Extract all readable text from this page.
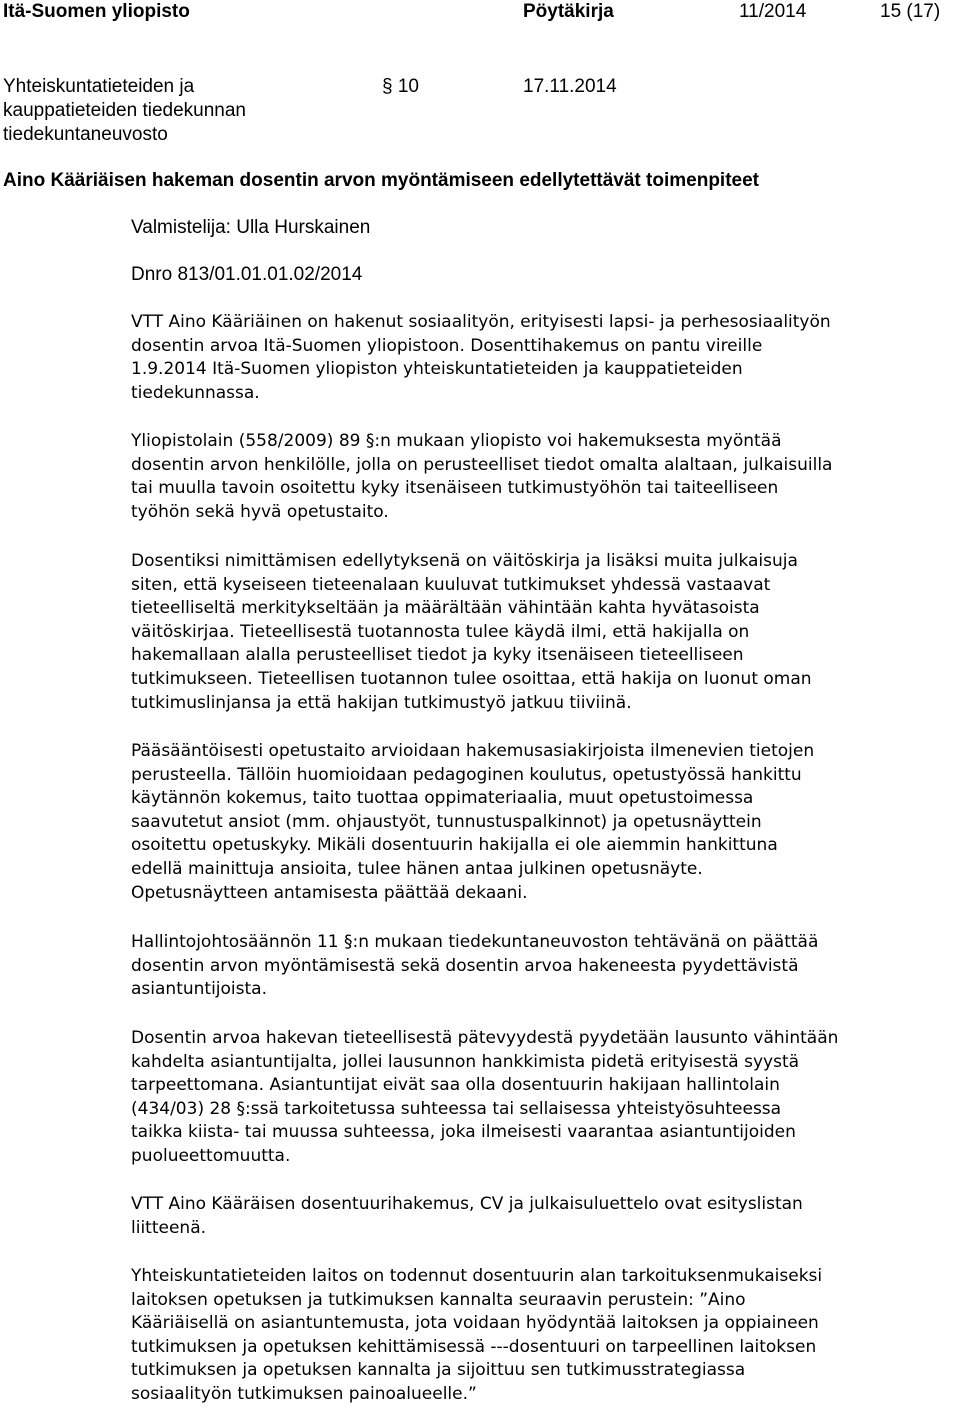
Itä-Suomen yliopisto	Pöytäkirja	11/2014	15 (17)
Yhteiskuntatieteiden ja kauppatieteiden tiedekunnan tiedekuntaneuvosto
§ 10	17.11.2014
Aino Kääriäisen hakeman dosentin arvon myöntämiseen edellytettävät toimenpiteet
Valmistelija: Ulla Hurskainen
Dnro 813/01.01.01.02/2014

VTT Aino Kääriäinen on hakenut sosiaalityön, erityisesti lapsi- ja perhesosiaalityön
dosentin arvoa Itä-Suomen yliopistoon. Dosenttihakemus on pantu vireille
1.9.2014 Itä-Suomen yliopiston yhteiskuntatieteiden ja kauppatieteiden
tiedekunnassa.

Yliopistolain (558/2009) 89 §:n mukaan yliopisto voi hakemuksesta myöntää
dosentin arvon henkilölle, jolla on perusteelliset tiedot omalta alaltaan, julkaisuilla
tai muulla tavoin osoitettu kyky itsenäiseen tutkimustyöhön tai taiteelliseen
työhön sekä hyvä opetustaito.

Dosentiksi nimittämisen edellytyksenä on väitöskirja ja lisäksi muita julkaisuja
siten, että kyseiseen tieteenalaan kuuluvat tutkimukset yhdessä vastaavat
tieteelliseltä merkitykseltään ja määrältään vähintään kahta hyvätasoista
väitöskirjaa. Tieteellisestä tuotannosta tulee käydä ilmi, että hakijalla on
hakemallaan alalla perusteelliset tiedot ja kyky itsenäiseen tieteelliseen
tutkimukseen. Tieteellisen tuotannon tulee osoittaa, että hakija on luonut oman
tutkimuslinjansa ja että hakijan tutkimustyö jatkuu tiiviinä.

Pääsääntöisesti opetustaito arvioidaan hakemusasiakirjoista ilmenevien tietojen
perusteella. Tällöin huomioidaan pedagoginen koulutus, opetustyössä hankittu
käytännön kokemus, taito tuottaa oppimateriaalia, muut opetustoimessa
saavutetut ansiot (mm. ohjaustyöt, tunnustuspalkinnot) ja opetusnäyttein
osoitettu opetuskyky. Mikäli dosentuurin hakijalla ei ole aiemmin hankittuna
edellä mainittuja ansioita, tulee hänen antaa julkinen opetusnäyte.
Opetusnäytteen antamisesta päättää dekaani.

Hallintojohtosäännön 11 §:n mukaan tiedekuntaneuvoston tehtävänä on päättää
dosentin arvon myöntämisestä sekä dosentin arvoa hakeneesta pyydettävistä
asiantuntijoista.

Dosentin arvoa hakevan tieteellisestä pätevyydestä pyydetään lausunto vähintään
kahdelta asiantuntijalta, jollei lausunnon hankkimista pidetä erityisestä syystä
tarpeettomana. Asiantuntijat eivät saa olla dosentuurin hakijaan hallintolain
(434/03) 28 §:ssä tarkoitetussa suhteessa tai sellaisessa yhteistyösuhteessa
taikka kiista- tai muussa suhteessa, joka ilmeisesti vaarantaa asiantuntijoiden
puolueettomuutta.

VTT Aino Kääräisen dosentuurihakemus, CV ja julkaisuluettelo ovat esityslistan
liitteenä.

Yhteiskuntatieteiden laitos on todennut dosentuurin alan tarkoituksenmukaiseksi
laitoksen opetuksen ja tutkimuksen kannalta seuraavin perustein: ”Aino
Kääriäisellä on asiantuntemusta, jota voidaan hyödyntää laitoksen ja oppiaineen
tutkimuksen ja opetuksen kehittämisessä ---dosentuuri on tarpeellinen laitoksen
tutkimuksen ja opetuksen kannalta ja sijoittuu sen tutkimusstrategiassa
sosiaalityön tutkimuksen painoalueelle.”
